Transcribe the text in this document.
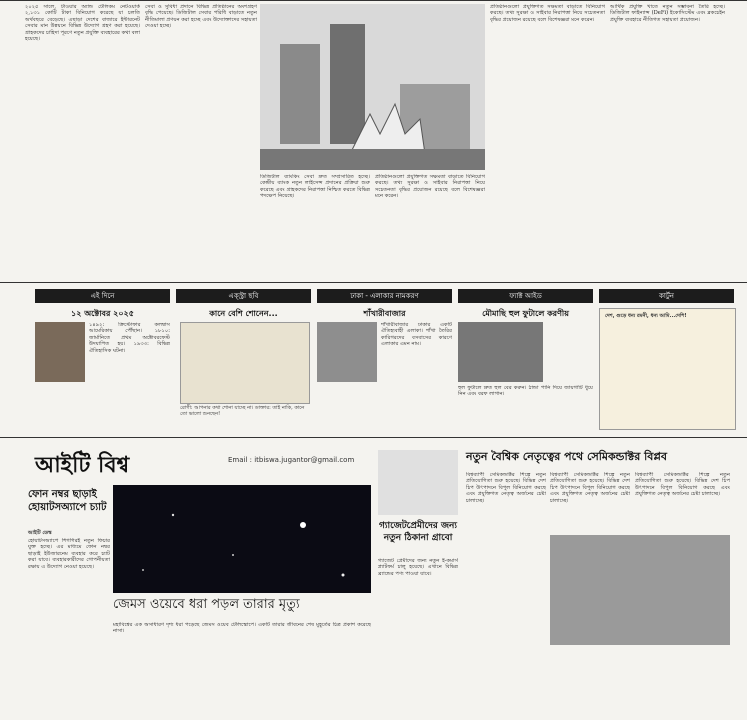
২০২৫ সালে, টাওয়ার অ্যান্ড টেলিকম নেটওয়ার্ক ২,১৩১ কোটি টাকা বিনিয়োগ করেছে যা চলতি অর্থবছরে বেড়েছে। এছাড়া দেশের বাজারে ইন্টারনেট সেবার মান উন্নয়নে বিভিন্ন উদ্যোগ গ্রহণ করা হয়েছে। গ্রাহকদের চাহিদা পূরণে নতুন প্রযুক্তি ব্যবহারের কথা বলা হয়েছে।
সেবা ও সুবিধা প্রদানে বিভিন্ন প্রতিষ্ঠানের অংশগ্রহণ বৃদ্ধি পেয়েছে। ডিজিটাল সেবার পরিধি বাড়াতে নতুন নীতিমালা প্রণয়ন করা হচ্ছে এবং উদ্যোক্তাদের সহায়তা দেওয়া হচ্ছে।
ডিজিটাল ব্যাংকিং সেবা দ্রুত সম্প্রসারিত হচ্ছে। কেন্দ্রীয় ব্যাংক নতুন লাইসেন্স প্রদানের প্রক্রিয়া শুরু করেছে এবং গ্রাহকদের নিরাপত্তা নিশ্চিত করতে বিভিন্ন পদক্ষেপ নিয়েছে।
প্রতিষ্ঠানগুলো প্রযুক্তিগত সক্ষমতা বাড়াতে বিনিয়োগ করছে। তথ্য সুরক্ষা ও সাইবার নিরাপত্তা নিয়ে সচেতনতা বৃদ্ধির প্রয়োজন রয়েছে বলে বিশেষজ্ঞরা মনে করেন।
প্রতিষ্ঠানগুলো প্রযুক্তিগত সক্ষমতা বাড়াতে বিনিয়োগ করছে। তথ্য সুরক্ষা ও সাইবার নিরাপত্তা নিয়ে সচেতনতা বৃদ্ধির প্রয়োজন রয়েছে বলে বিশেষজ্ঞরা মনে করেন।
আর্থিক প্রযুক্তি খাতে নতুন সম্ভাবনা তৈরি হচ্ছে। ডিজিটাল ফাইন্যান্স (DeFi) ইকোসিস্টেম এবং ব্লকচেইন প্রযুক্তি ব্যবহারে নীতিগত সহায়তা প্রয়োজন।
এই দিনে	এক্স্ট্রা ছবি	ঢাকা - এলাকার নামকরণ	ফ্যাক্ট আইড	কার্টুন
১২ অক্টোবর ২০২৫
১৪৯২: ক্রিস্টোফার কলম্বাস আমেরিকায় পৌঁছান। ১৮১০: জার্মানিতে প্রথম অক্টোবরফেস্ট উদযাপিত হয়। ১৯৩৩: বিভিন্ন ঐতিহাসিক ঘটনা।
কানে বেশি শোনেন...
রোগী: আপনার কথা শোনা যাচ্ছে না। ডাক্তার: তাই নাকি, কানে তো ভালো শুনছেন!
শাঁখারীবাজার
শাঁখারীবাজার ঢাকার একটি ঐতিহ্যবাহী এলাকা। শাঁখা তৈরির কারিগরদের বসবাসের কারণে এলাকার এমন নাম।
মৌমাছি হুল ফুটালে করণীয়
হুল ফুটালে দ্রুত হুল বের করুন। ঠান্ডা পানি দিয়ে জায়গাটি ধুয়ে নিন এবং বরফ লাগান।
দেশ, গুড়ে ধন্য রমনী, ধন্য আমি...দেশি!
আইটি বিশ্ব	Email : itbiswa.jugantor@gmail.com
ফোন নম্বর ছাড়াই হোয়াটসঅ্যাপে চ্যাট
আইটি ডেস্ক
হোয়াটসঅ্যাপে শিগগিরই নতুন ফিচার যুক্ত হচ্ছে। এর মাধ্যমে ফোন নম্বর ছাড়াই ইউজারনেম ব্যবহার করে চ্যাট করা যাবে। ব্যবহারকারীদের গোপনীয়তা রক্ষায় এ উদ্যোগ নেওয়া হয়েছে।
জেমস ওয়েবে ধরা পড়ল তারার মৃত্যু
মহাবিশ্বের এক অসাধারণ দৃশ্য ধরা পড়েছে জেমস ওয়েব টেলিস্কোপে। একটি তারার জীবনের শেষ মুহূর্তের চিত্র প্রকাশ করেছে নাসা।
গ্যাজেটপ্রেমীদের জন্য নতুন ঠিকানা গ্রাবো
গ্যাজেট প্রেমীদের জন্য নতুন ই-কমার্স প্ল্যাটফর্ম চালু হয়েছে। এখানে বিভিন্ন ব্র্যান্ডের পণ্য পাওয়া যাবে।
নতুন বৈশ্বিক নেতৃত্বের পথে সেমিকন্ডাক্টর বিপ্লব
বিশ্বব্যাপী সেমিকন্ডাক্টর শিল্পে নতুন প্রতিযোগিতা শুরু হয়েছে। বিভিন্ন দেশ চিপ উৎপাদনে বিপুল বিনিয়োগ করছে এবং প্রযুক্তিগত নেতৃত্ব অর্জনের চেষ্টা চালাচ্ছে।
বিশ্বব্যাপী সেমিকন্ডাক্টর শিল্পে নতুন প্রতিযোগিতা শুরু হয়েছে। বিভিন্ন দেশ চিপ উৎপাদনে বিপুল বিনিয়োগ করছে এবং প্রযুক্তিগত নেতৃত্ব অর্জনের চেষ্টা চালাচ্ছে।
বিশ্বব্যাপী সেমিকন্ডাক্টর শিল্পে নতুন প্রতিযোগিতা শুরু হয়েছে। বিভিন্ন দেশ চিপ উৎপাদনে বিপুল বিনিয়োগ করছে এবং প্রযুক্তিগত নেতৃত্ব অর্জনের চেষ্টা চালাচ্ছে।
